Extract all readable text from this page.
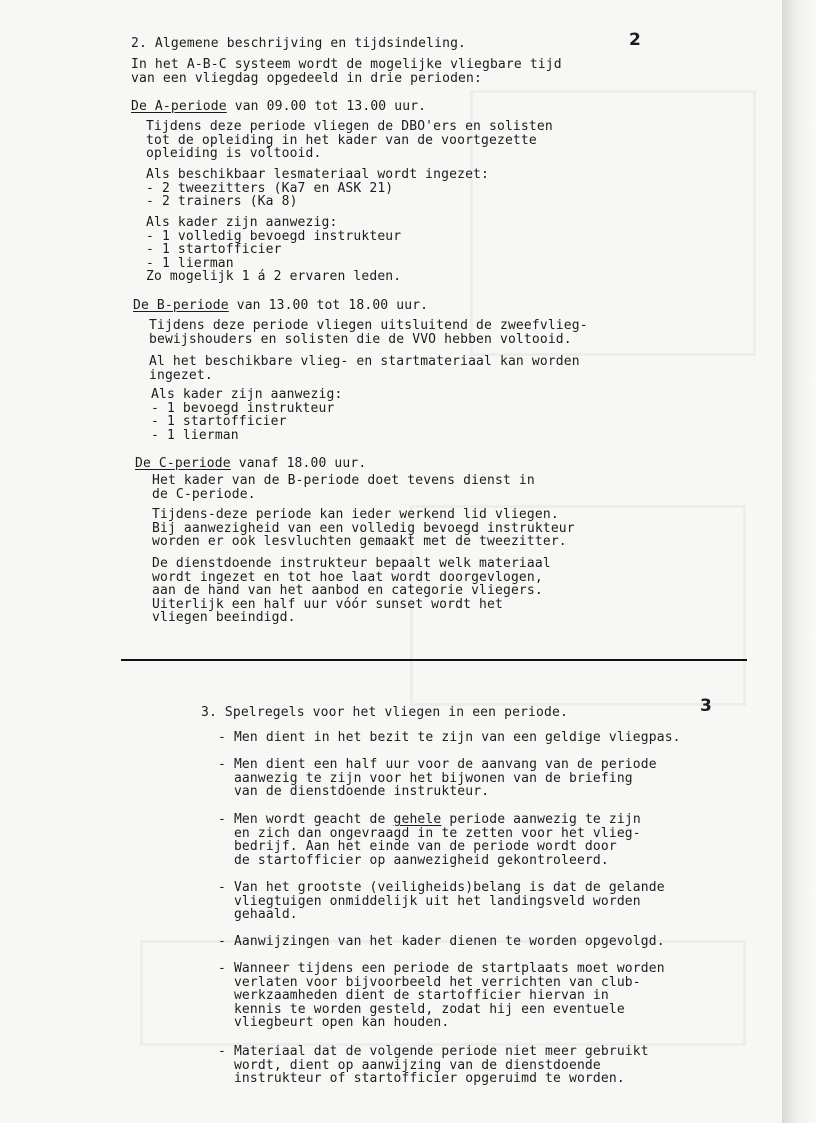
2
2. Algemene beschrijving en tijdsindeling.
In het A-B-C systeem wordt de mogelijke vliegbare tijd
van een vliegdag opgedeeld in drie perioden:
De A-periode van 09.00 tot 13.00 uur.
Tijdens deze periode vliegen de DBO'ers en solisten
tot de opleiding in het kader van de voortgezette
opleiding is voltooid.
Als beschikbaar lesmateriaal wordt ingezet:
- 2 tweezitters (Ka7 en ASK 21)
- 2 trainers (Ka 8)
Als kader zijn aanwezig:
- 1 volledig bevoegd instrukteur
- 1 startofficier
- 1 lierman
Zo mogelijk 1 á 2 ervaren leden.
De B-periode van 13.00 tot 18.00 uur.
Tijdens deze periode vliegen uitsluitend de zweefvlieg-
bewijshouders en solisten die de VVO hebben voltooid.
Al het beschikbare vlieg- en startmateriaal kan worden
ingezet.
Als kader zijn aanwezig:
- 1 bevoegd instrukteur
- 1 startofficier
- 1 lierman
De C-periode vanaf 18.00 uur.
Het kader van de B-periode doet tevens dienst in
de C-periode.
Tijdens-deze periode kan ieder werkend lid vliegen.
Bij aanwezigheid van een volledig bevoegd instrukteur
worden er ook lesvluchten gemaakt met de tweezitter.
De dienstdoende instrukteur bepaalt welk materiaal
wordt ingezet en tot hoe laat wordt doorgevlogen,
aan de hand van het aanbod en categorie vliegers.
Uiterlijk een half uur vóór sunset wordt het
vliegen beeindigd.
3. Spelregels voor het vliegen in een periode.
- Men dient in het bezit te zijn van een geldige vliegpas.
- Men dient een half uur voor de aanvang van de periode
aanwezig te zijn voor het bijwonen van de briefing
van de dienstdoende instrukteur.
- Men wordt geacht de gehele periode aanwezig te zijn
en zich dan ongevraagd in te zetten voor het vlieg-
bedrijf. Aan het einde van de periode wordt door
de startofficier op aanwezigheid gekontroleerd.
- Van het grootste (veiligheids)belang is dat de gelande
vliegtuigen onmiddelijk uit het landingsveld worden
gehaald.
- Aanwijzingen van het kader dienen te worden opgevolgd.
- Wanneer tijdens een periode de startplaats moet worden
verlaten voor bijvoorbeeld het verrichten van club-
werkzaamheden dient de startofficier hiervan in
kennis te worden gesteld, zodat hij een eventuele
vliegbeurt open kan houden.
- Materiaal dat de volgende periode niet meer gebruikt
wordt, dient op aanwijzing van de dienstdoende
instrukteur of startofficier opgeruimd te worden.
3
